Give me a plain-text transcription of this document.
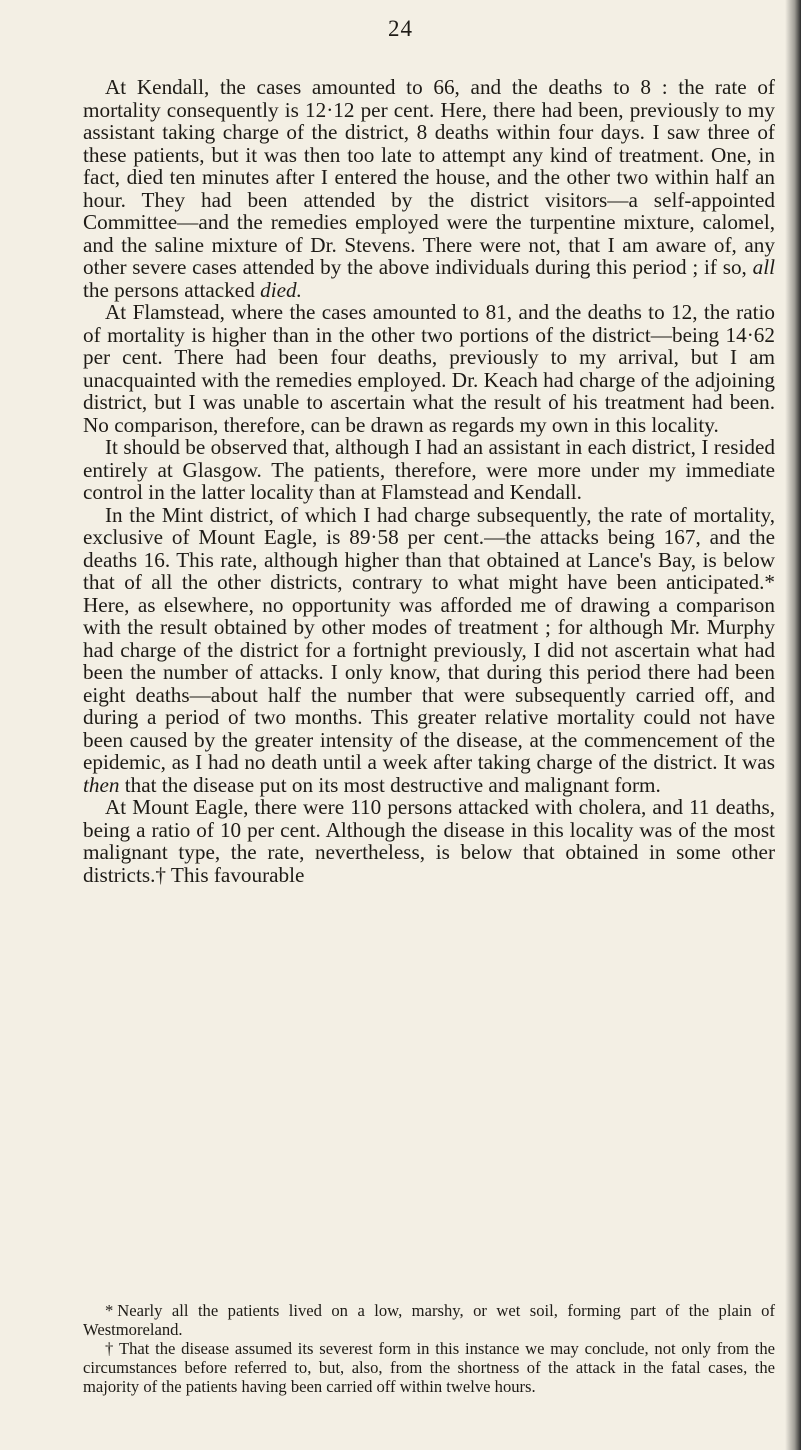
24

At Kendall, the cases amounted to 66, and the deaths to 8 : the rate of mortality consequently is 12·12 per cent. Here, there had been, previously to my assistant taking charge of the district, 8 deaths within four days. I saw three of these patients, but it was then too late to attempt any kind of treatment. One, in fact, died ten minutes after I entered the house, and the other two within half an hour. They had been attended by the district visitors—a self-appointed Committee—and the remedies employed were the turpentine mixture, calomel, and the saline mixture of Dr. Stevens. There were not, that I am aware of, any other severe cases attended by the above individuals during this period ; if so, all the persons attacked died.

At Flamstead, where the cases amounted to 81, and the deaths to 12, the ratio of mortality is higher than in the other two portions of the district—being 14·62 per cent. There had been four deaths, previously to my arrival, but I am unacquainted with the remedies employed. Dr. Keach had charge of the adjoining district, but I was unable to ascertain what the result of his treatment had been. No comparison, therefore, can be drawn as regards my own in this locality.

It should be observed that, although I had an assistant in each district, I resided entirely at Glasgow. The patients, therefore, were more under my immediate control in the latter locality than at Flamstead and Kendall.

In the Mint district, of which I had charge subsequently, the rate of mortality, exclusive of Mount Eagle, is 89·58 per cent.—the attacks being 167, and the deaths 16. This rate, although higher than that obtained at Lance's Bay, is below that of all the other districts, contrary to what might have been anticipated.* Here, as elsewhere, no opportunity was afforded me of drawing a comparison with the result obtained by other modes of treatment ; for although Mr. Murphy had charge of the district for a fortnight previously, I did not ascertain what had been the number of attacks. I only know, that during this period there had been eight deaths—about half the number that were subsequently carried off, and during a period of two months. This greater relative mortality could not have been caused by the greater intensity of the disease, at the commencement of the epidemic, as I had no death until a week after taking charge of the district. It was then that the disease put on its most destructive and malignant form.

At Mount Eagle, there were 110 persons attacked with cholera, and 11 deaths, being a ratio of 10 per cent. Although the disease in this locality was of the most malignant type, the rate, nevertheless, is below that obtained in some other districts.† This favourable

* Nearly all the patients lived on a low, marshy, or wet soil, forming part of the plain of Westmoreland.

† That the disease assumed its severest form in this instance we may conclude, not only from the circumstances before referred to, but, also, from the shortness of the attack in the fatal cases, the majority of the patients having been carried off within twelve hours.
